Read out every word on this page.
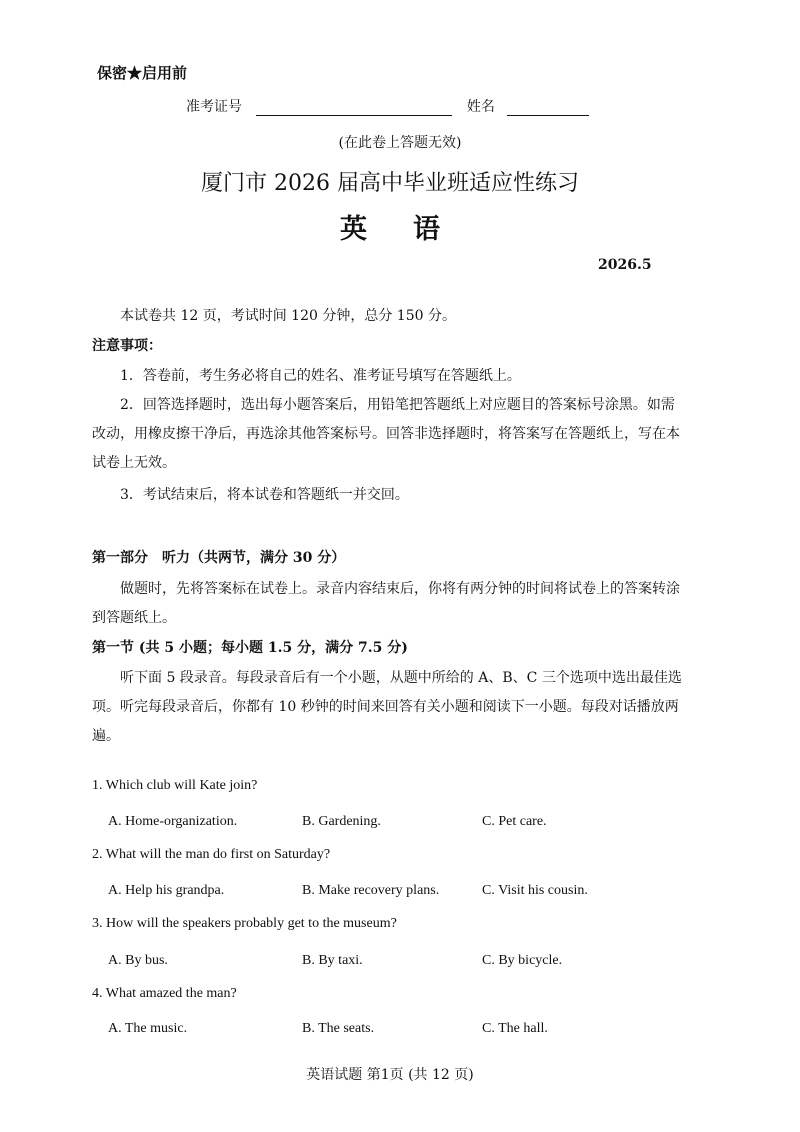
保密★启用前
准考证号	姓名
(在此卷上答题无效)
厦门市 2026 届高中毕业班适应性练习
英语
2026.5
本试卷共 12 页，考试时间 120 分钟，总分 150 分。
注意事项：
1．答卷前，考生务必将自己的姓名、准考证号填写在答题纸上。
2．回答选择题时，选出每小题答案后，用铅笔把答题纸上对应题目的答案标号涂黑。如需改动，用橡皮擦干净后，再选涂其他答案标号。回答非选择题时，将答案写在答题纸上，写在本试卷上无效。
3．考试结束后，将本试卷和答题纸一并交回。
第一部分　听力（共两节，满分 30 分）
做题时，先将答案标在试卷上。录音内容结束后，你将有两分钟的时间将试卷上的答案转涂到答题纸上。
第一节 (共 5 小题；每小题 1.5 分，满分 7.5 分)
听下面 5 段录音。每段录音后有一个小题，从题中所给的 A、B、C 三个选项中选出最佳选项。听完每段录音后，你都有 10 秒钟的时间来回答有关小题和阅读下一小题。每段对话播放两遍。
1. Which club will Kate join?
A. Home-organization.	B. Gardening.	C. Pet care.
2. What will the man do first on Saturday?
A. Help his grandpa.	B. Make recovery plans.	C. Visit his cousin.
3. How will the speakers probably get to the museum?
A. By bus.	B. By taxi.	C. By bicycle.
4. What amazed the man?
A. The music.	B. The seats.	C. The hall.
英语试题 第1页 (共 12 页)
